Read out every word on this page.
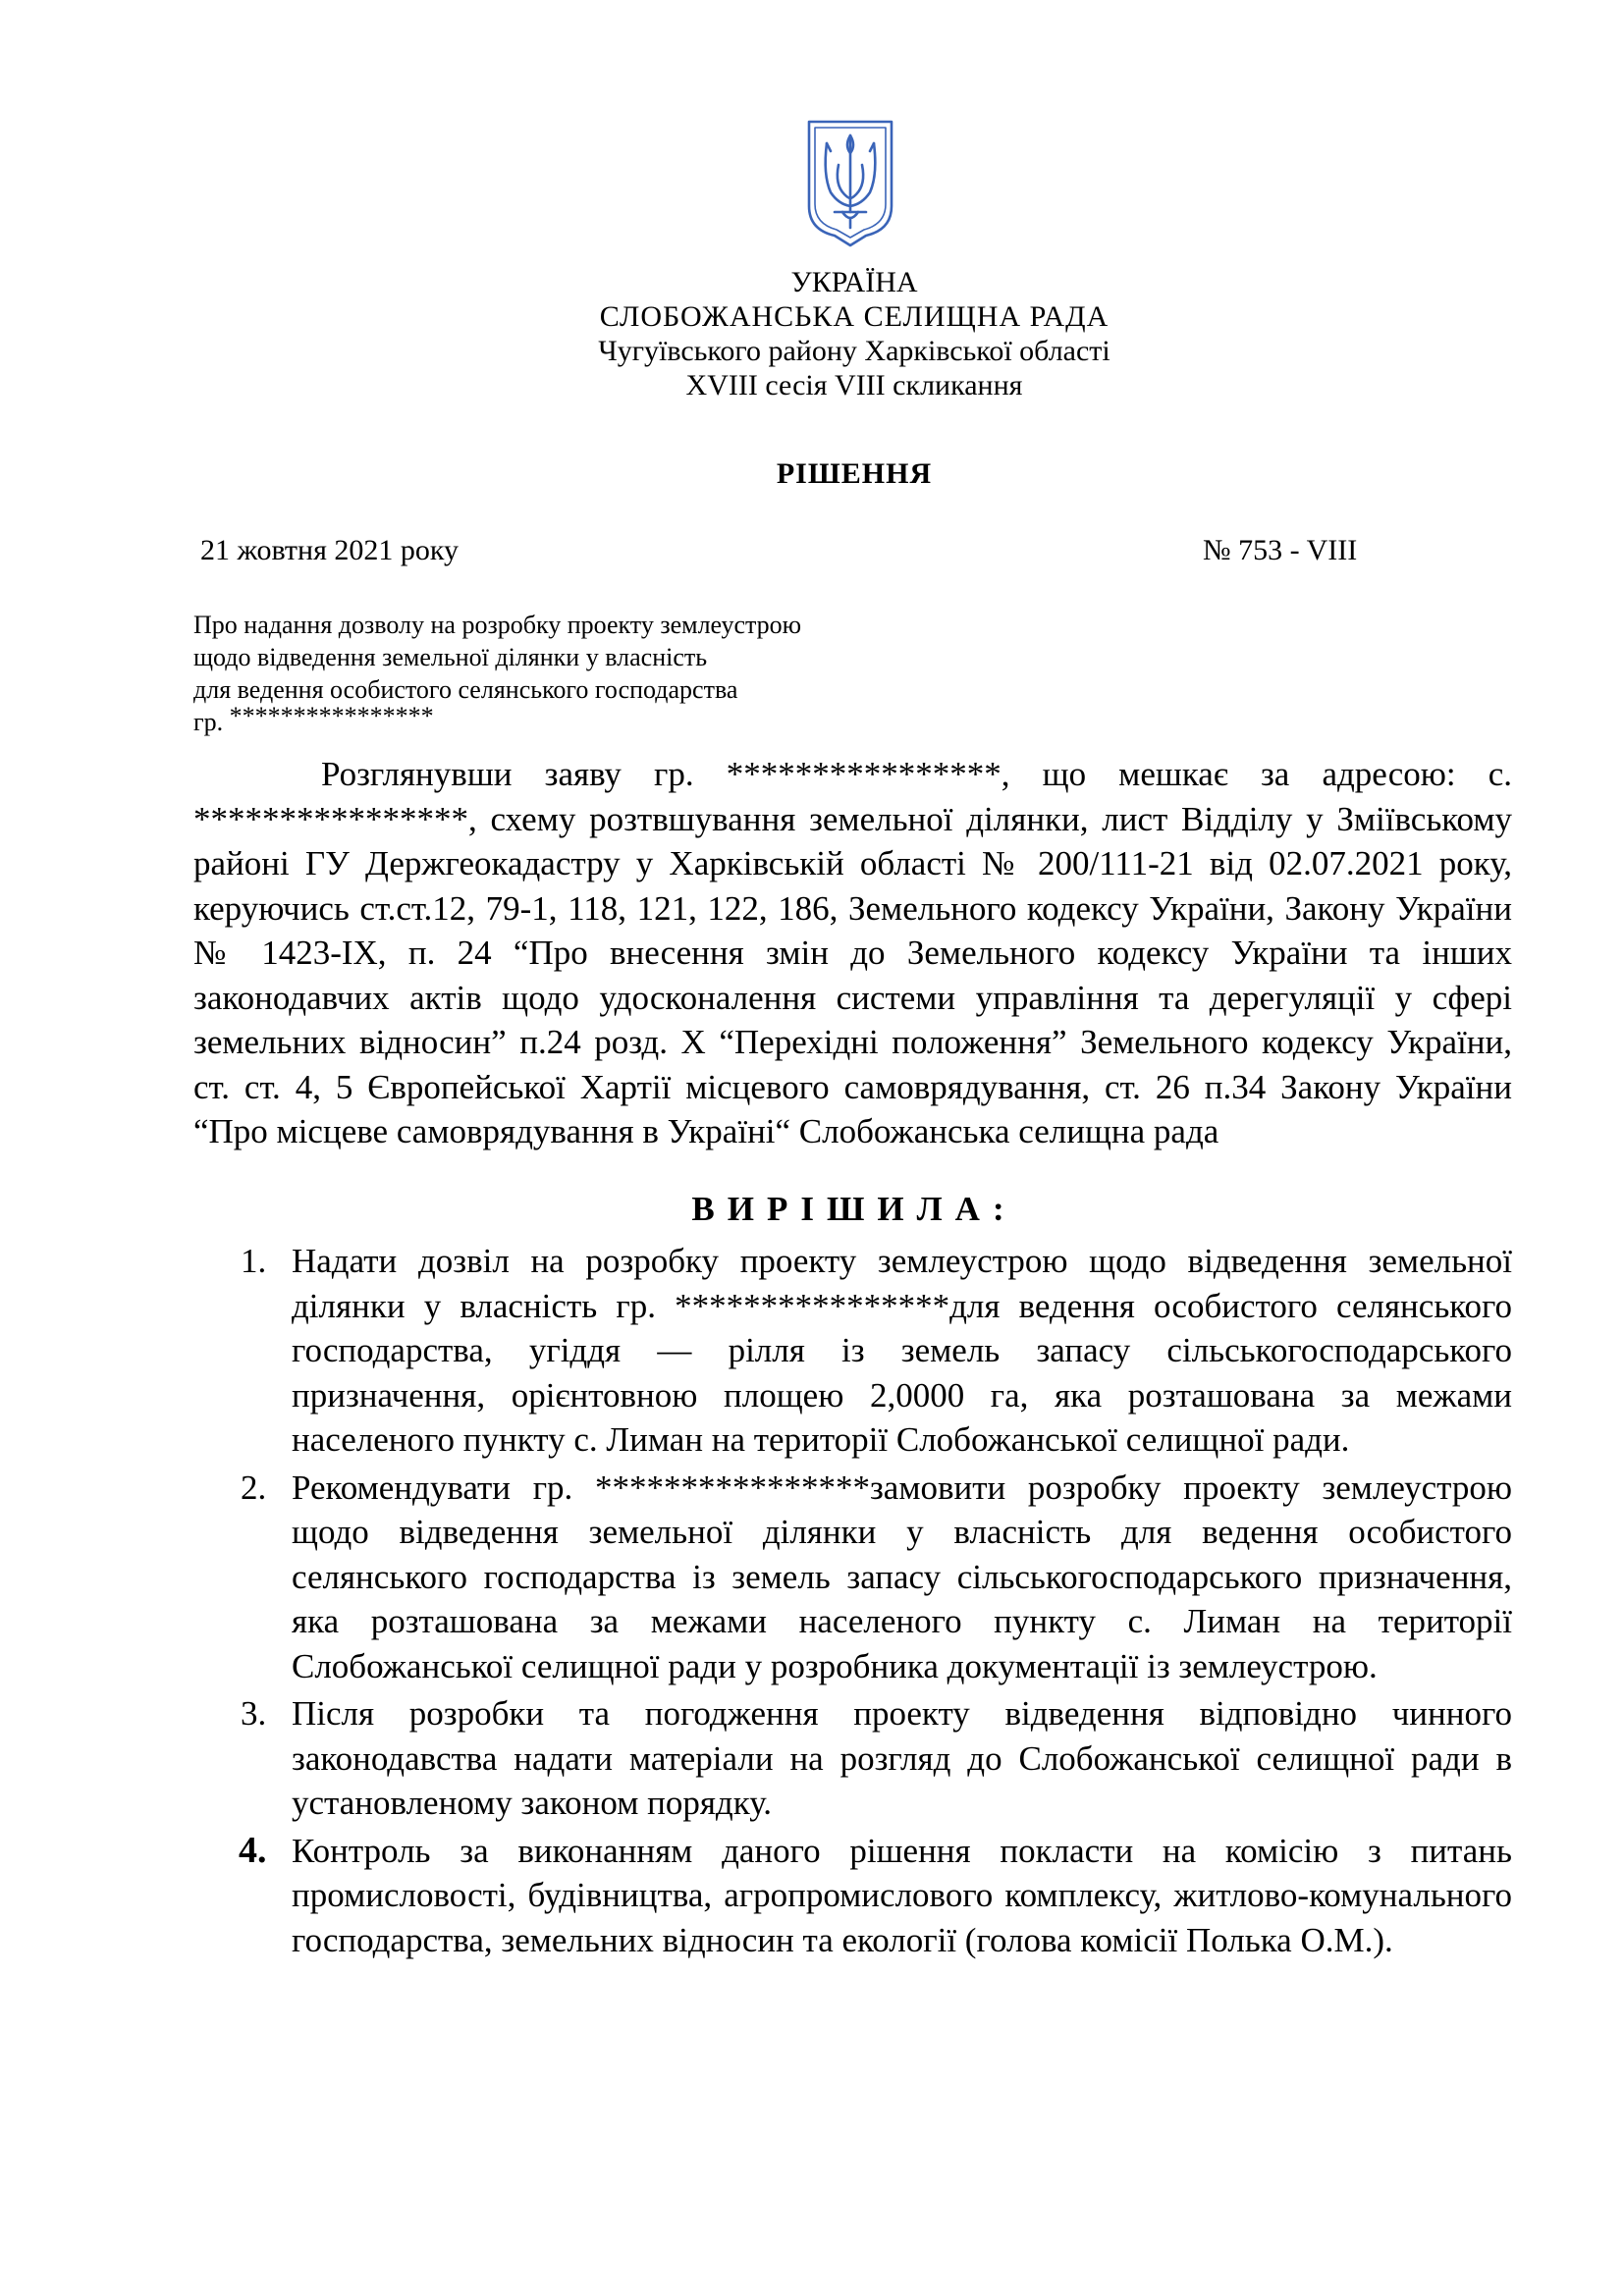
УКРАЇНА
СЛОБОЖАНСЬКА СЕЛИЩНА РАДА
Чугуївського району Харківської області
XVIII сесія VIII скликання
РІШЕННЯ
21 жовтня 2021 року	№ 753 - VIII
Про надання дозволу на розробку проекту землеустрою
щодо відведення земельної ділянки у власність
для ведення особистого селянського господарства
гр. ****************
Розглянувши заяву гр. ****************, що мешкає за адресою: с. ****************, схему розтвшування земельної ділянки, лист Відділу у Зміївському районі ГУ Держгеокадастру у Харківській області № 200/111-21 від 02.07.2021 року, керуючись ст.ст.12, 79-1, 118, 121, 122, 186, Земельного кодексу України, Закону України № 1423-IX, п. 24 “Про внесення змін до Земельного кодексу України та інших законодавчих актів щодо удосконалення системи управління та дерегуляції у сфері земельних відносин” п.24 розд. Х “Перехідні положення” Земельного кодексу України, ст. ст. 4, 5 Європейської Хартії місцевого самоврядування, ст. 26 п.34 Закону України “Про місцеве самоврядування в Україні“ Слобожанська селищна рада
ВИРІШИЛА:
1. Надати дозвіл на розробку проекту землеустрою щодо відведення земельної ділянки у власність гр. ****************для ведення особистого селянського господарства, угіддя — рілля із земель запасу сільськогосподарського призначення, орієнтовною площею 2,0000 га, яка розташована за межами населеного пункту с. Лиман на території Слобожанської селищної ради.
2. Рекомендувати гр. ****************замовити розробку проекту землеустрою щодо відведення земельної ділянки у власність для ведення особистого селянського господарства із земель запасу сільськогосподарського призначення, яка розташована за межами населеного пункту с. Лиман на території Слобожанської селищної ради у розробника документації із землеустрою.
3. Після розробки та погодження проекту відведення відповідно чинного законодавства надати матеріали на розгляд до Слобожанської селищної ради в установленому законом порядку.
4. Контроль за виконанням даного рішення покласти на комісію з питань промисловості, будівництва, агропромислового комплексу, житлово-комунального господарства, земельних відносин та екології (голова комісії Полька О.М.).
